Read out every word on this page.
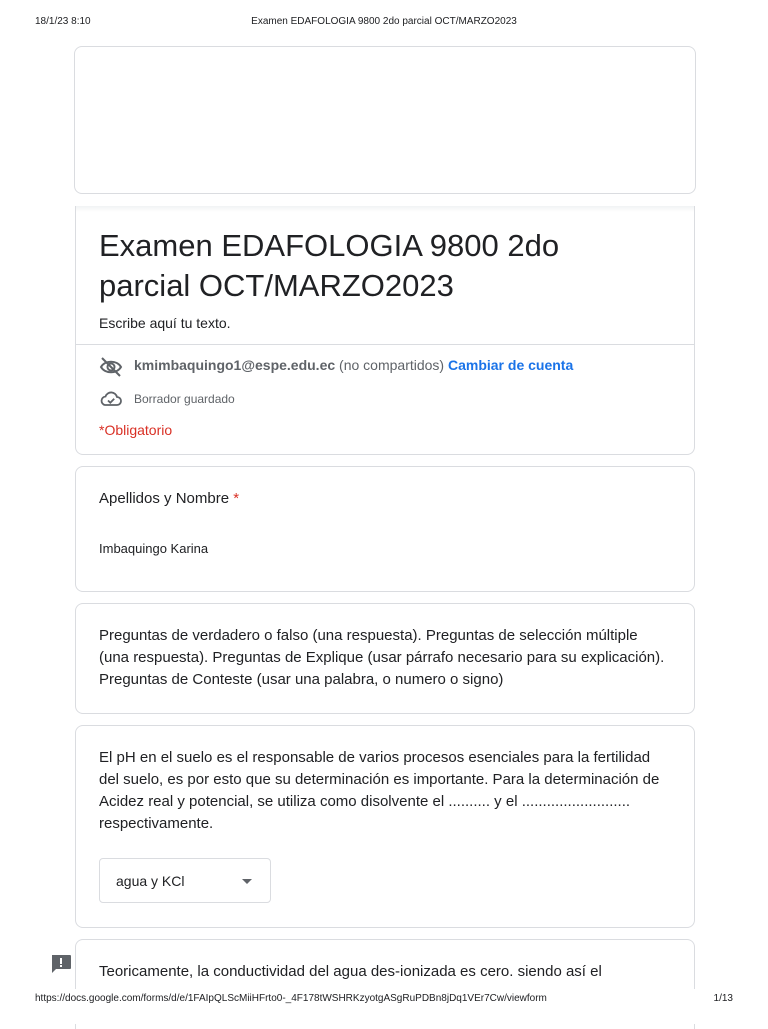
18/1/23 8:10	Examen EDAFOLOGIA 9800 2do parcial OCT/MARZO2023
Examen EDAFOLOGIA 9800 2do parcial OCT/MARZO2023
Escribe aquí tu texto.
kmimbaquingo1@espe.edu.ec (no compartidos) Cambiar de cuenta
Borrador guardado
*Obligatorio

Apellidos y Nombre *

Imbaquingo Karina

Preguntas de verdadero o falso (una respuesta). Preguntas de selección múltiple (una respuesta). Preguntas de Explique (usar párrafo necesario para su explicación). Preguntas de Conteste (usar una palabra, o numero o signo)

El pH en el suelo es el responsable de varios procesos esenciales para la fertilidad del suelo, es por esto que su determinación es importante. Para la determinación de Acidez real y potencial, se utiliza como disolvente el .......... y el .......................... respectivamente.

agua y KCl

Teoricamente, la conductividad del agua des-ionizada es cero. siendo así el

https://docs.google.com/forms/d/e/1FAIpQLScMiiHFrto0-_4F178tWSHRKzyotgASgRuPDBn8jDq1VEr7Cw/viewform	1/13
